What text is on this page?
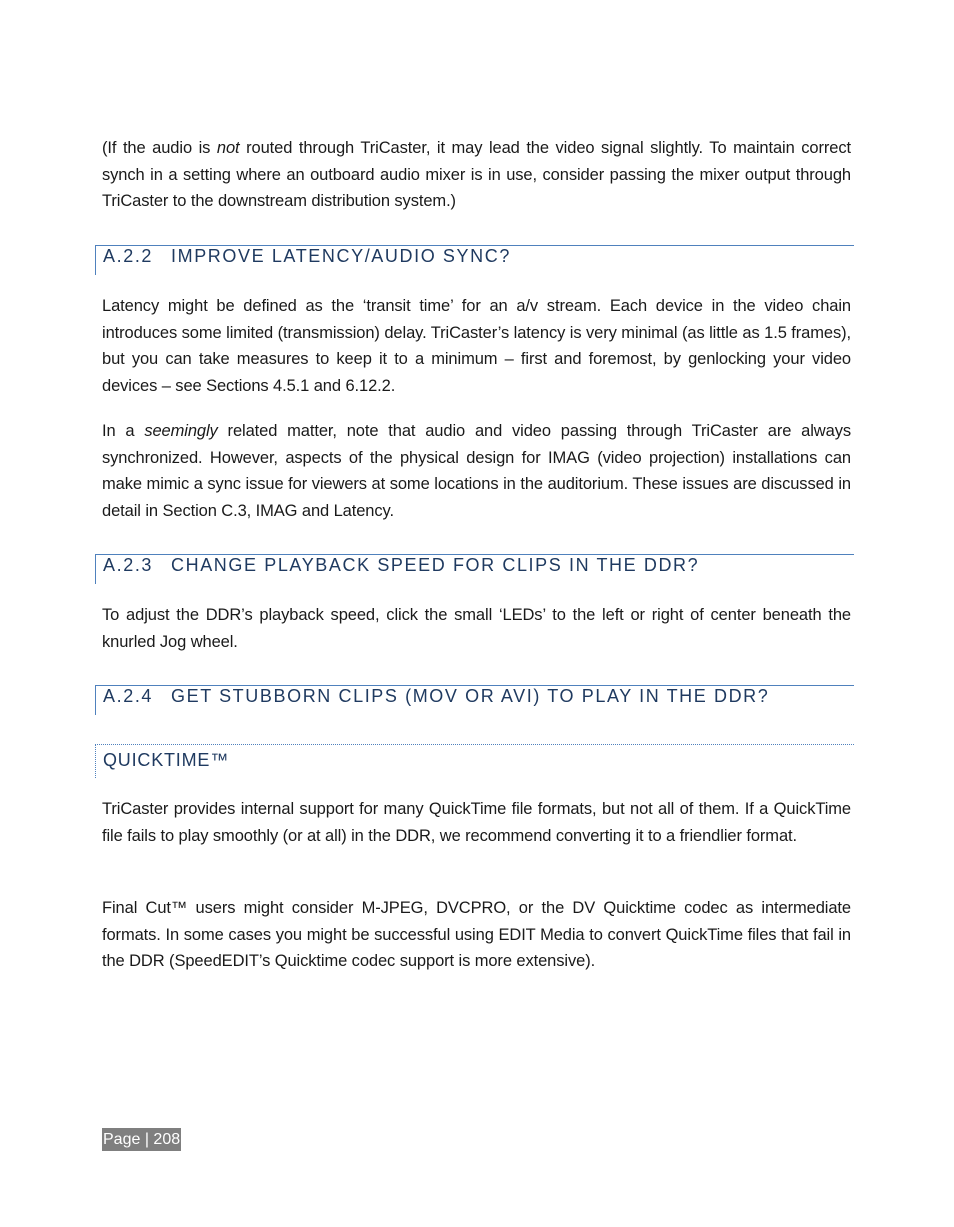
(If the audio is not routed through TriCaster, it may lead the video signal slightly. To maintain correct synch in a setting where an outboard audio mixer is in use, consider passing the mixer output through TriCaster to the downstream distribution system.)

A.2.2 IMPROVE LATENCY/AUDIO SYNC?

Latency might be defined as the ‘transit time’ for an a/v stream. Each device in the video chain introduces some limited (transmission) delay. TriCaster’s latency is very minimal (as little as 1.5 frames), but you can take measures to keep it to a minimum – first and foremost, by genlocking your video devices – see Sections 4.5.1 and 6.12.2.

In a seemingly related matter, note that audio and video passing through TriCaster are always synchronized. However, aspects of the physical design for IMAG (video projection) installations can make mimic a sync issue for viewers at some locations in the auditorium. These issues are discussed in detail in Section C.3, IMAG and Latency.

A.2.3 CHANGE PLAYBACK SPEED FOR CLIPS IN THE DDR?

To adjust the DDR’s playback speed, click the small ‘LEDs’ to the left or right of center beneath the knurled Jog wheel.

A.2.4 GET STUBBORN CLIPS (MOV OR AVI) TO PLAY IN THE DDR?
QUICKTIME™

TriCaster provides internal support for many QuickTime file formats, but not all of them. If a QuickTime file fails to play smoothly (or at all) in the DDR, we recommend converting it to a friendlier format.

Final Cut™ users might consider M-JPEG, DVCPRO, or the DV Quicktime codec as intermediate formats. In some cases you might be successful using EDIT Media to convert QuickTime files that fail in the DDR (SpeedEDIT’s Quicktime codec support is more extensive).

Page | 208
